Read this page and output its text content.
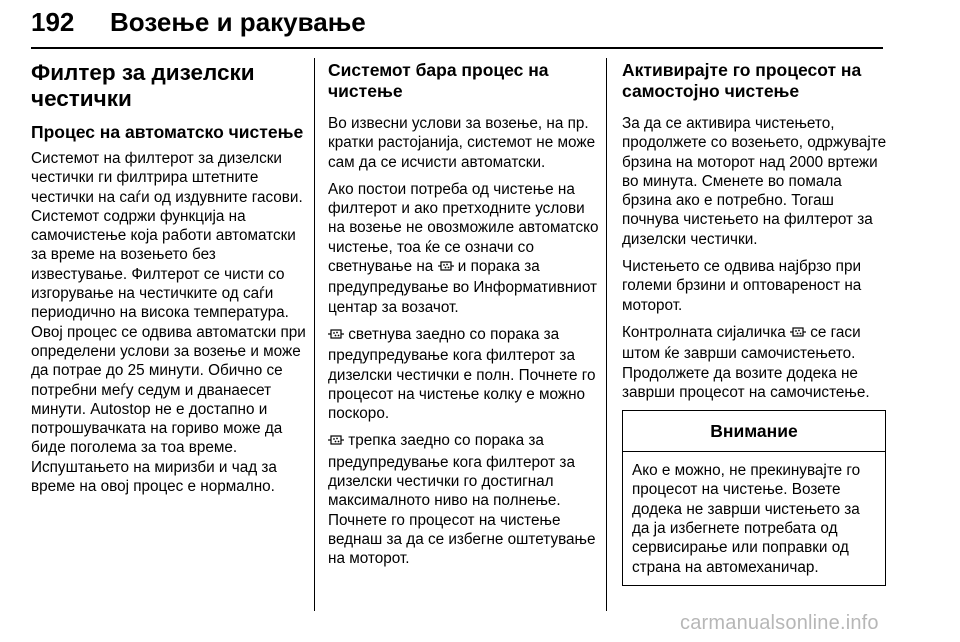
192 Возење и ракување
Филтер за дизелски честички
Процес на автоматско чистење

Системот на филтерот за дизелски честички ги филтрира штетните честички на саѓи од издувните гасови. Системот содржи функција на самочистење која работи автоматски за време на возењето без известување. Филтерот се чисти со изгорување на честичките од саѓи периодично на висока температура. Овој процес се одвива автоматски при определени услови за возење и може да потрае до 25 минути. Обично се потребни меѓу седум и дванаесет минути. Autostop не е достапно и потрошувачката на гориво може да биде поголема за тоа време. Испуштањето на миризби и чад за време на овој процес е нормално.

Системот бара процес на чистење

Во извесни услови за возење, на пр. кратки растојанија, системот не може сам да се исчисти автоматски.

Ако постои потреба од чистење на филтерот и ако претходните услови на возење не овозможиле автоматско чистење, тоа ќе се означи со светнување на  и порака за предупредување во Информативниот центар за возачот.

светнува заедно со порака за предупредување кога филтерот за дизелски честички е полн. Почнете го процесот на чистење колку е можно поскоро.

трепка заедно со порака за предупредување кога филтерот за дизелски честички го достигнал максималното ниво на полнење. Почнете го процесот на чистење веднаш за да се избегне оштетување на моторот.

Активирајте го процесот на самостојно чистење

За да се активира чистењето, продолжете со возењето, одржувајте брзина на моторот над 2000 вртежи во минута. Сменете во помала брзина ако е потребно. Тогаш почнува чистењето на филтерот за дизелски честички.

Чистењето се одвива најбрзо при големи брзини и оптовареност на моторот.

Контролната сијаличка  се гаси штом ќе заврши самочистењето. Продолжете да возите додека не заврши процесот на самочистење.

Внимание

Ако е можно, не прекинувајте го процесот на чистење. Возете додека не заврши чистењето за да ја избегнете потребата од сервисирање или поправки од страна на автомеханичар.

carmanualsonline.info
